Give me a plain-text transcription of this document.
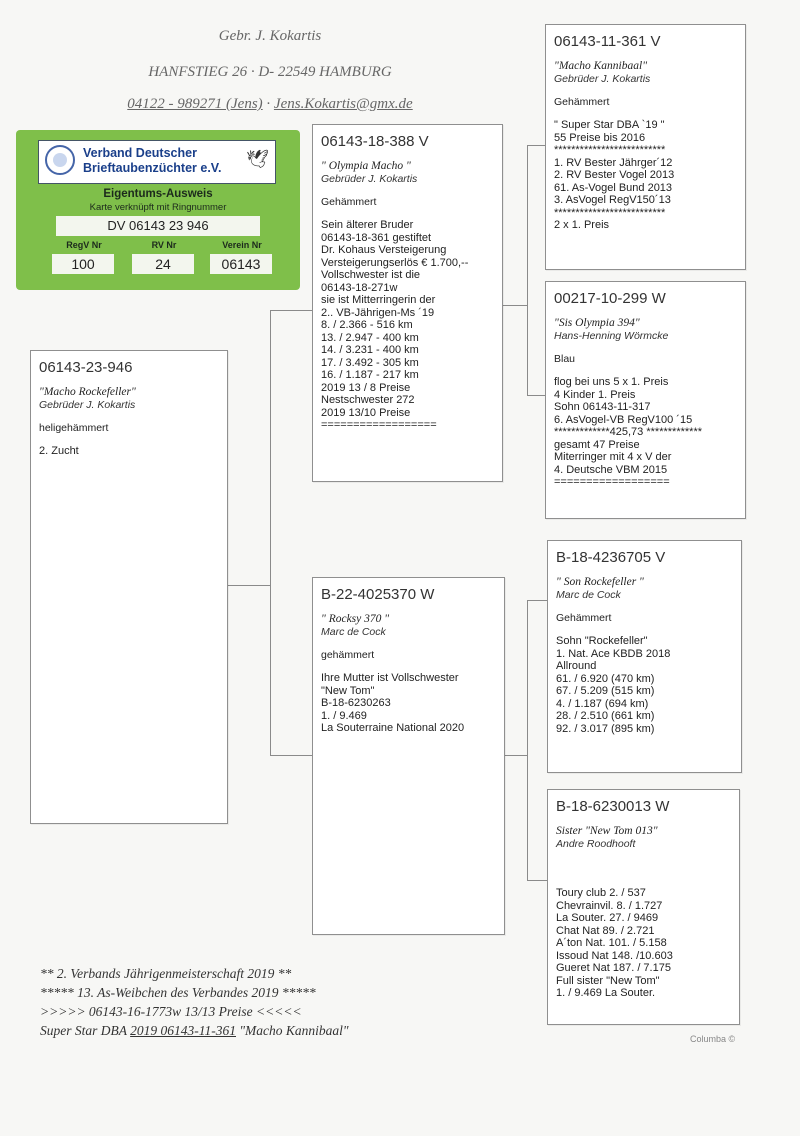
Gebr. J. Kokartis
HANFSTIEG 26 · D- 22549 HAMBURG
04122 - 989271 (Jens) · Jens.Kokartis@gmx.de
Verband Deutscher
Brieftaubenzüchter e.V. 🕊
Eigentums-Ausweis
Karte verknüpft mit Ringnummer
DV 06143 23 946
RegV Nr	RV Nr	Verein Nr
100	24	06143
06143-23-946
"Macho Rockefeller"
Gebrüder J. Kokartis
heligehämmert
2. Zucht
06143-18-388 V
" Olympia Macho "
Gebrüder J. Kokartis
Gehämmert
Sein älterer Bruder
06143-18-361 gestiftet
Dr. Kohaus Versteigerung
Versteigerungserlös € 1.700,--
Vollschwester ist die
06143-18-271w
sie ist Mitterringerin der
2.. VB-Jährigen-Ms ´19
8. / 2.366 - 516 km
13. / 2.947 - 400 km
14. / 3.231 - 400 km
17. / 3.492 - 305 km
16. / 1.187 - 217 km
2019 13 / 8 Preise
Nestschwester 272
2019 13/10 Preise
==================
B-22-4025370 W
" Rocksy 370 "
Marc de Cock
gehämmert
Ihre Mutter ist Vollschwester
"New Tom"
B-18-6230263
1. / 9.469
La Souterraine National 2020
06143-11-361 V
"Macho Kannibaal"
Gebrüder J. Kokartis
Gehämmert
" Super Star DBA `19 "
55 Preise bis 2016
**************************
1. RV Bester Jährger´12
2. RV Bester Vogel 2013
61. As-Vogel Bund 2013
3. AsVogel RegV150´13
**************************
2 x 1. Preis
00217-10-299 W
"Sis Olympia 394"
Hans-Henning Wörmcke
Blau
flog bei uns 5 x 1. Preis
4 Kinder 1. Preis
Sohn 06143-11-317
6. AsVogel-VB RegV100 ´15
*************425,73 *************
gesamt 47 Preise
Miterringer mit 4 x V der
4. Deutsche VBM 2015
==================
B-18-4236705 V
" Son Rockefeller "
Marc de Cock
Gehämmert
Sohn "Rockefeller"
1. Nat. Ace KBDB 2018
Allround
61. / 6.920 (470 km)
67. / 5.209 (515 km)
4. / 1.187 (694 km)
28. / 2.510 (661 km)
92. / 3.017 (895 km)
B-18-6230013 W
Sister "New Tom 013"
Andre Roodhooft
Toury club 2. / 537
Chevrainvil. 8. / 1.727
La Souter. 27. / 9469
Chat Nat 89. / 2.721
A´ton Nat. 101. / 5.158
Issoud Nat 148. /10.603
Gueret Nat 187. / 7.175
Full sister "New Tom"
1. / 9.469 La Souter.
** 2. Verbands Jährigenmeisterschaft 2019 **
***** 13. As-Weibchen des Verbandes 2019 *****
>>>>> 06143-16-1773w 13/13 Preise <<<<<
Super Star DBA 2019 06143-11-361 "Macho Kannibaal"
Columba ©
